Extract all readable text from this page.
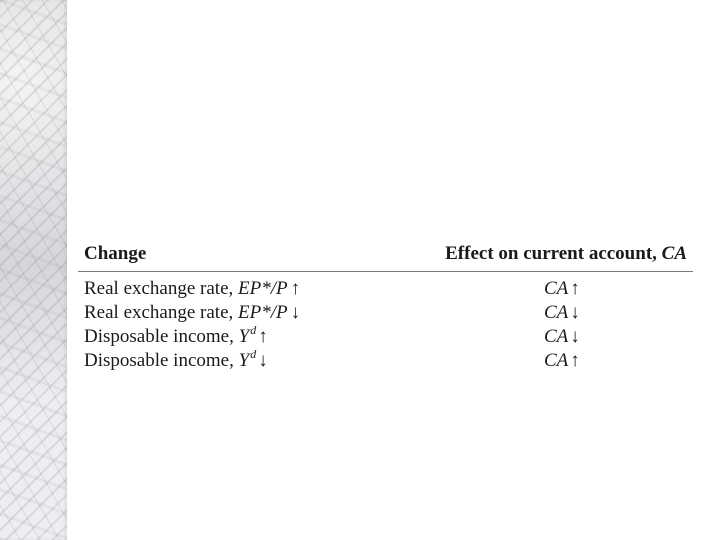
Change	Effect on current account, CA
Real exchange rate, EP*/P ↑	CA ↑
Real exchange rate, EP*/P ↓	CA ↓
Disposable income, $Y^d$ ↑	CA ↓
Disposable income, $Y^d$ ↓	CA ↑
